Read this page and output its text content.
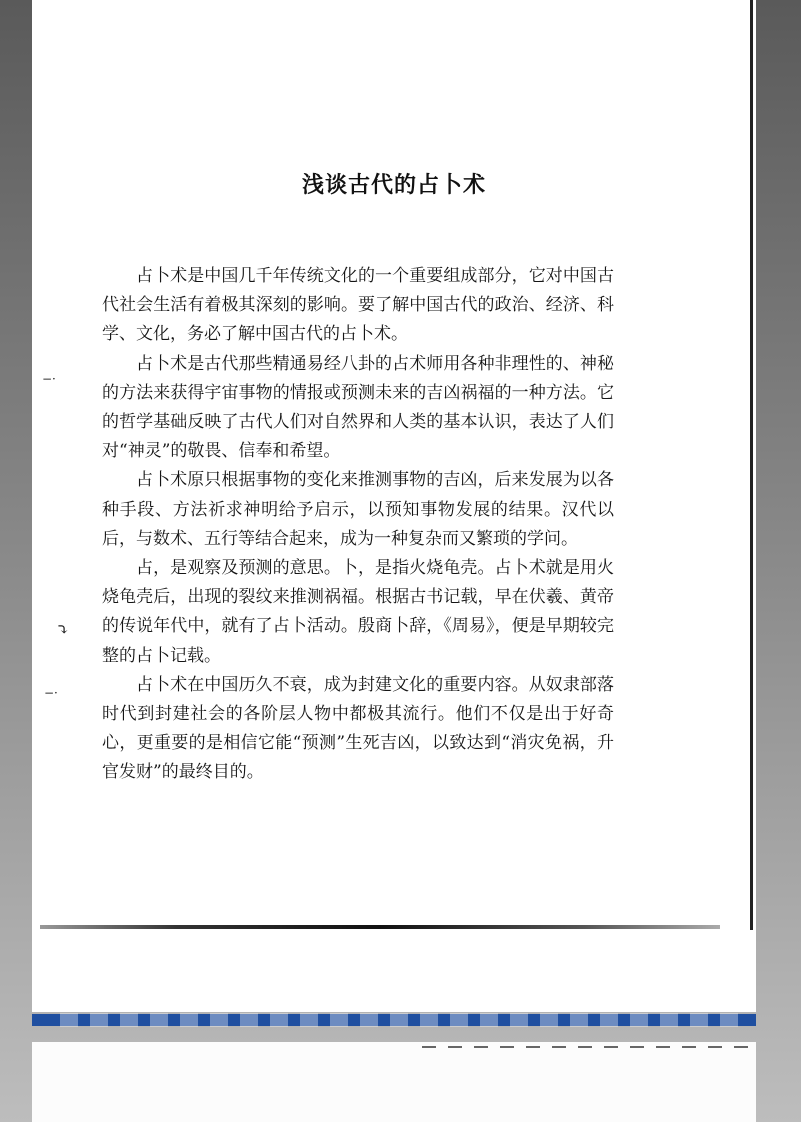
浅谈古代的占卜术

占卜术是中国几千年传统文化的一个重要组成部分，它对中国古代社会生活有着极其深刻的影响。要了解中国古代的政治、经济、科学、文化，务必了解中国古代的占卜术。

占卜术是古代那些精通易经八卦的占术师用各种非理性的、神秘的方法来获得宇宙事物的情报或预测未来的吉凶祸福的一种方法。它的哲学基础反映了古代人们对自然界和人类的基本认识，表达了人们对“神灵”的敬畏、信奉和希望。

占卜术原只根据事物的变化来推测事物的吉凶，后来发展为以各种手段、方法祈求神明给予启示，以预知事物发展的结果。汉代以后，与数术、五行等结合起来，成为一种复杂而又繁琐的学问。

占，是观察及预测的意思。卜，是指火烧龟壳。占卜术就是用火烧龟壳后，出现的裂纹来推测祸福。根据古书记载，早在伏羲、黄帝的传说年代中，就有了占卜活动。殷商卜辞，《周易》，便是早期较完整的占卜记载。

占卜术在中国历久不衰，成为封建文化的重要内容。从奴隶部落时代到封建社会的各阶层人物中都极其流行。他们不仅是出于好奇心，更重要的是相信它能“预测”生死吉凶，以致达到“消灾免祸，升官发财”的最终目的。

⤵
−·
−·
